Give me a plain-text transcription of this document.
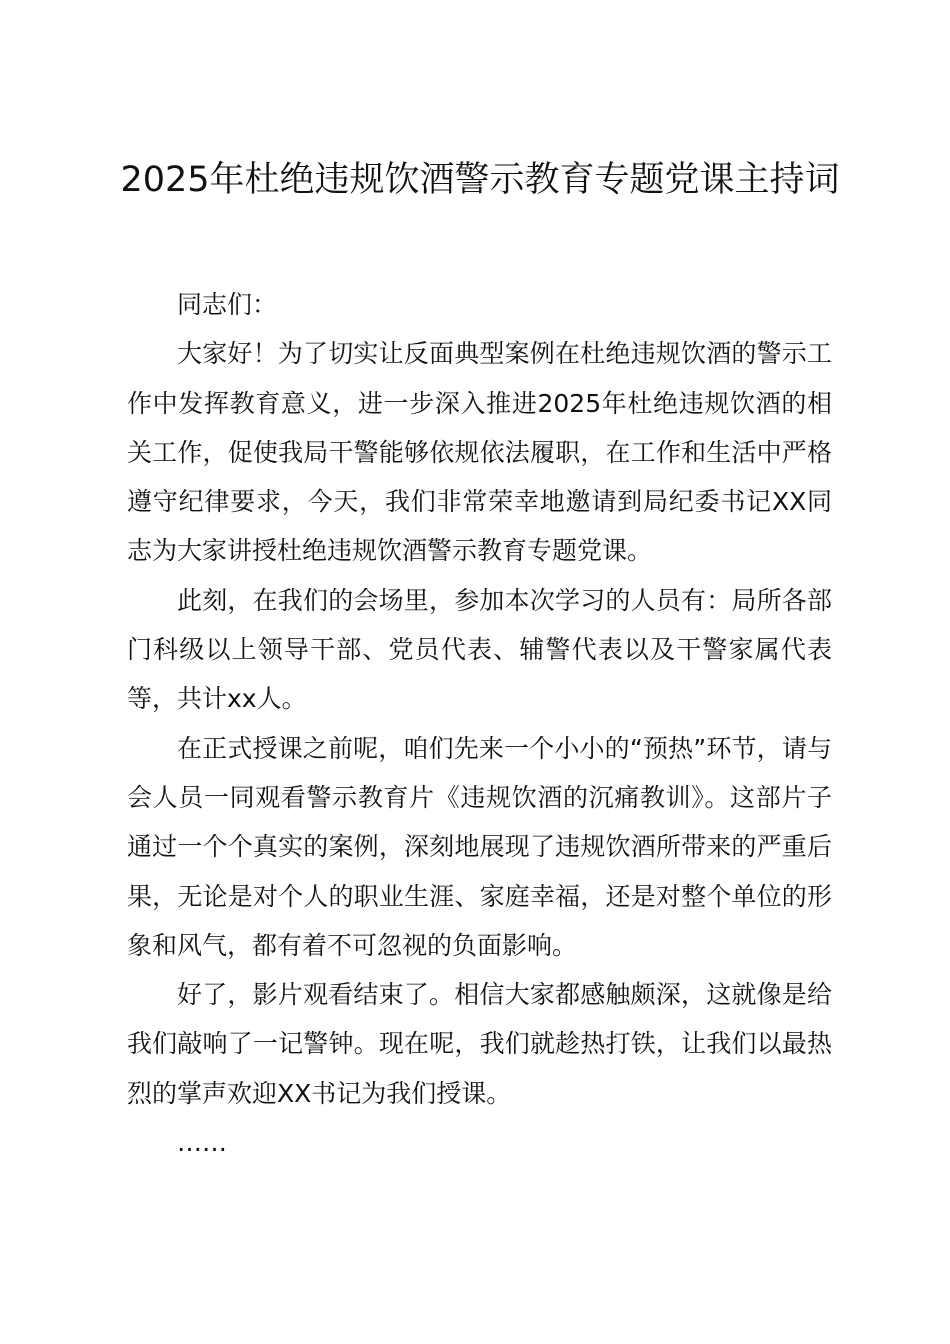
2025年杜绝违规饮酒警示教育专题党课主持词

同志们：

大家好！为了切实让反面典型案例在杜绝违规饮酒的警示工作中发挥教育意义，进一步深入推进2025年杜绝违规饮酒的相关工作，促使我局干警能够依规依法履职，在工作和生活中严格遵守纪律要求，今天，我们非常荣幸地邀请到局纪委书记XX同志为大家讲授杜绝违规饮酒警示教育专题党课。

此刻，在我们的会场里，参加本次学习的人员有：局所各部门科级以上领导干部、党员代表、辅警代表以及干警家属代表等，共计xx人。

在正式授课之前呢，咱们先来一个小小的“预热”环节，请与会人员一同观看警示教育片《违规饮酒的沉痛教训》。这部片子通过一个个真实的案例，深刻地展现了违规饮酒所带来的严重后果，无论是对个人的职业生涯、家庭幸福，还是对整个单位的形象和风气，都有着不可忽视的负面影响。

好了，影片观看结束了。相信大家都感触颇深，这就像是给我们敲响了一记警钟。现在呢，我们就趁热打铁，让我们以最热烈的掌声欢迎XX书记为我们授课。

……
